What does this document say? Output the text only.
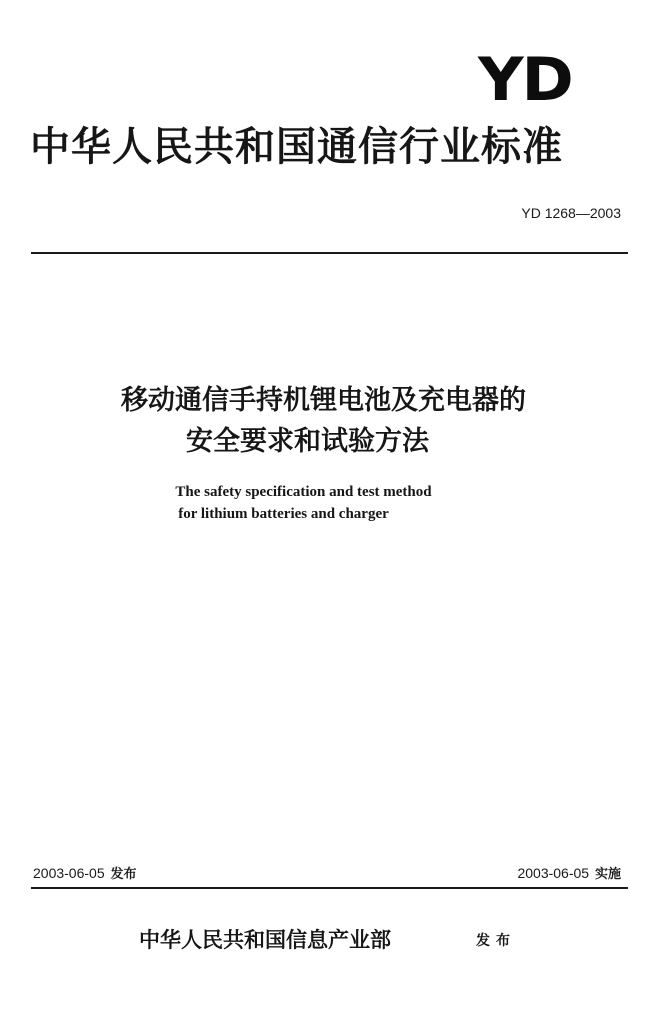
YD
中华人民共和国通信行业标准
YD 1268—2003
移动通信手持机锂电池及充电器的
安全要求和试验方法
The safety specification and test method
for lithium batteries and charger
2003-06-05 发布	2003-06-05 实施
中华人民共和国信息产业部	发布
